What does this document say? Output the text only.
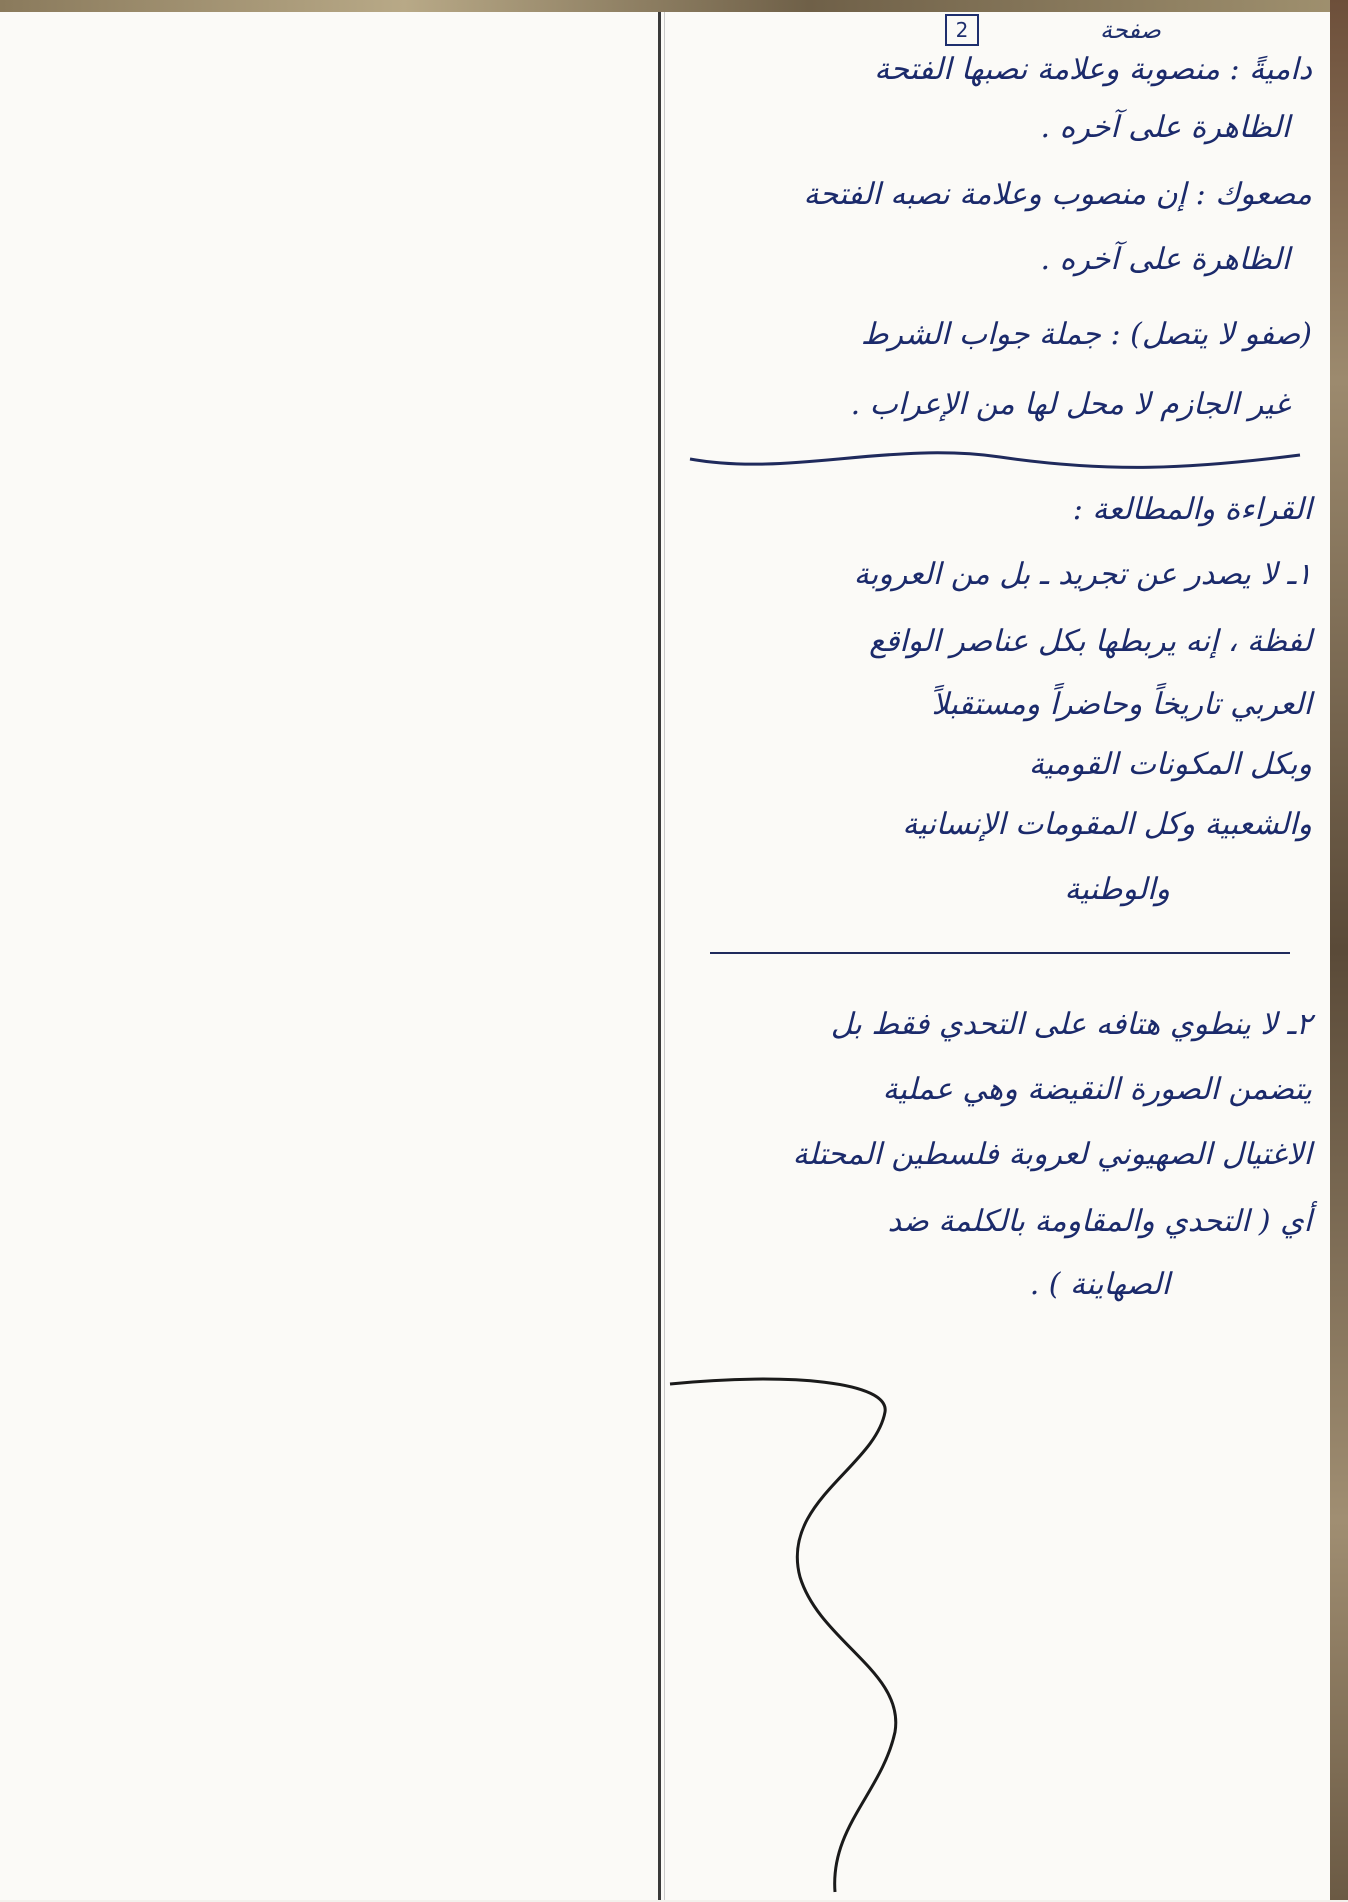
2	صفحة
داميةً : منصوبة وعلامة نصبها الفتحة
الظاهرة على آخره .
مصعوك : إن منصوب وعلامة نصبه الفتحة
الظاهرة على آخره .
(صفو لا يتصل) : جملة جواب الشرط
غير الجازم لا محل لها من الإعراب .
القراءة والمطالعة :
١ـ لا يصدر عن تجريد ـ بل من العروبة
لفظة ، إنه يربطها بكل عناصر الواقع
العربي تاريخاً وحاضراً ومستقبلاً
وبكل المكونات القومية
والشعبية وكل المقومات الإنسانية
والوطنية
٢ـ لا ينطوي هتافه على التحدي فقط بل
يتضمن الصورة النقيضة وهي عملية
الاغتيال الصهيوني لعروبة فلسطين المحتلة
أي ( التحدي والمقاومة بالكلمة ضد
الصهاينة ) .
